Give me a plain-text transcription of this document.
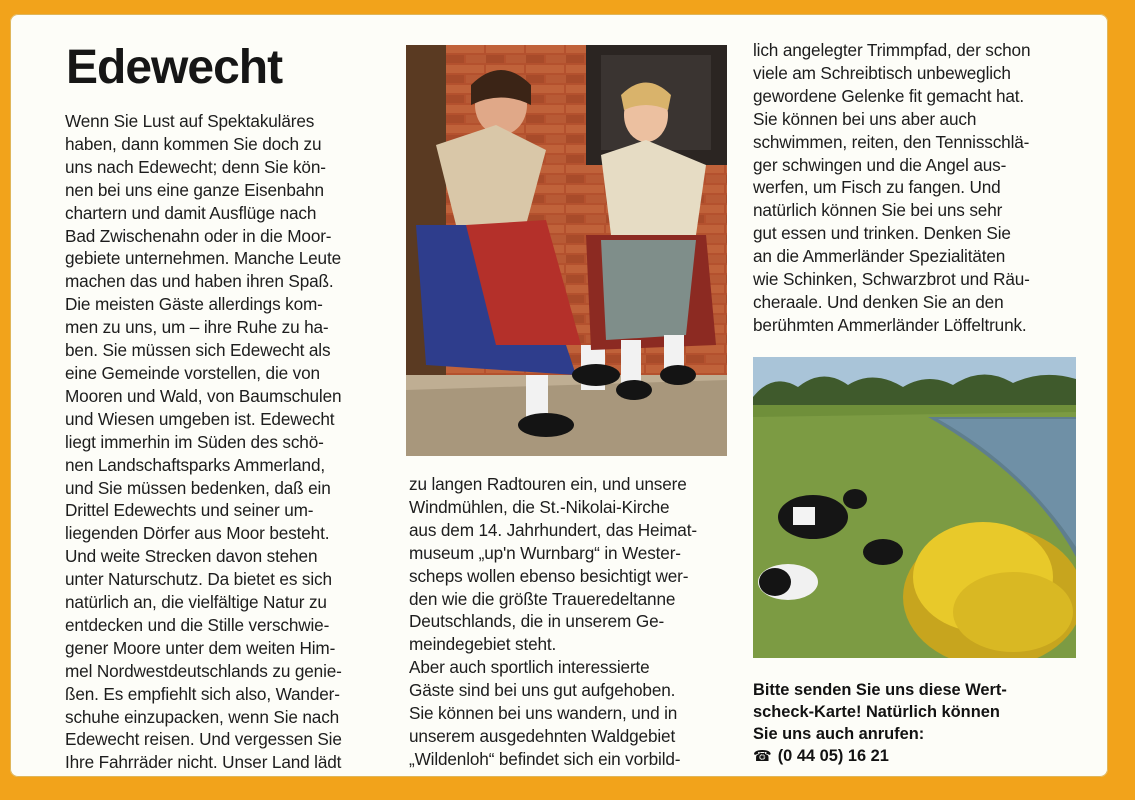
Edewecht

Wenn Sie Lust auf Spektakuläres
haben, dann kommen Sie doch zu
uns nach Edewecht; denn Sie kön-
nen bei uns eine ganze Eisenbahn
chartern und damit Ausflüge nach
Bad Zwischenahn oder in die Moor-
gebiete unternehmen. Manche Leute
machen das und haben ihren Spaß.
Die meisten Gäste allerdings kom-
men zu uns, um – ihre Ruhe zu ha-
ben. Sie müssen sich Edewecht als
eine Gemeinde vorstellen, die von
Mooren und Wald, von Baumschulen
und Wiesen umgeben ist. Edewecht
liegt immerhin im Süden des schö-
nen Landschaftsparks Ammerland,
und Sie müssen bedenken, daß ein
Drittel Edewechts und seiner um-
liegenden Dörfer aus Moor besteht.
Und weite Strecken davon stehen
unter Naturschutz. Da bietet es sich
natürlich an, die vielfältige Natur zu
entdecken und die Stille verschwie-
gener Moore unter dem weiten Him-
mel Nordwestdeutschlands zu genie-
ßen. Es empfiehlt sich also, Wander-
schuhe einzupacken, wenn Sie nach
Edewecht reisen. Und vergessen Sie
Ihre Fahrräder nicht. Unser Land lädt

zu langen Radtouren ein, und unsere
Windmühlen, die St.-Nikolai-Kirche
aus dem 14. Jahrhundert, das Heimat-
museum „up'n Wurnbarg“ in Wester-
scheps wollen ebenso besichtigt wer-
den wie die größte Traueredeltanne
Deutschlands, die in unserem Ge-
meindegebiet steht.
Aber auch sportlich interessierte
Gäste sind bei uns gut aufgehoben.
Sie können bei uns wandern, und in
unserem ausgedehnten Waldgebiet
„Wildenloh“ befindet sich ein vorbild-

lich angelegter Trimmpfad, der schon
viele am Schreibtisch unbeweglich
gewordene Gelenke fit gemacht hat.
Sie können bei uns aber auch
schwimmen, reiten, den Tennisschlä-
ger schwingen und die Angel aus-
werfen, um Fisch zu fangen. Und
natürlich können Sie bei uns sehr
gut essen und trinken. Denken Sie
an die Ammerländer Spezialitäten
wie Schinken, Schwarzbrot und Räu-
cheraale. Und denken Sie an den
berühmten Ammerländer Löffeltrunk.

Bitte senden Sie uns diese Wert-
scheck-Karte! Natürlich können
Sie uns auch anrufen:

☎ (0 44 05) 16 21
